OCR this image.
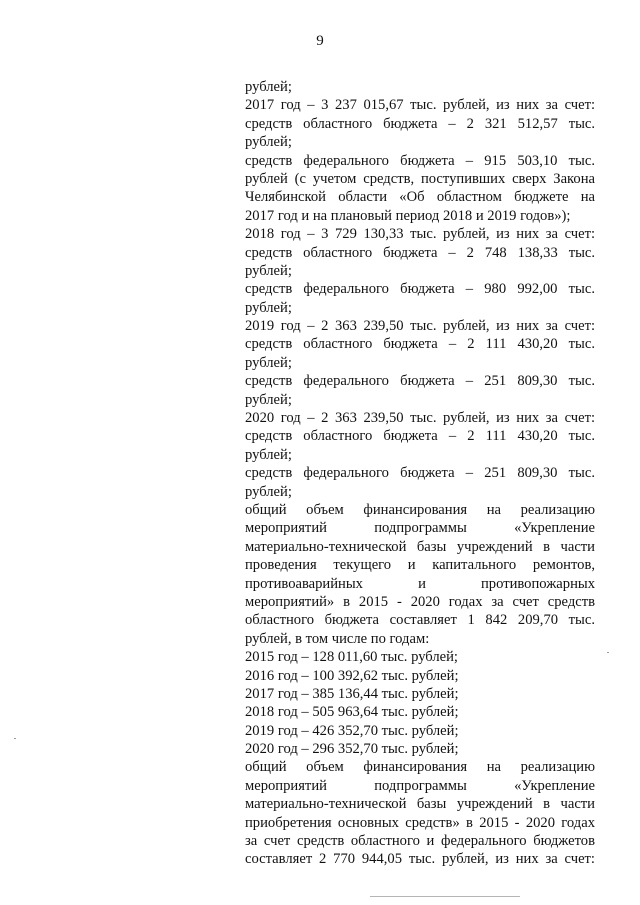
9
рублей;
2017 год – 3 237 015,67 тыс. рублей, из них за счет:
средств областного бюджета – 2 321 512,57 тыс.
рублей;
средств федерального бюджета – 915 503,10 тыс.
рублей (с учетом средств, поступивших сверх Закона
Челябинской области «Об областном бюджете на
2017 год и на плановый период 2018 и 2019 годов»);
2018 год – 3 729 130,33 тыс. рублей, из них за счет:
средств областного бюджета – 2 748 138,33 тыс.
рублей;
средств федерального бюджета – 980 992,00 тыс.
рублей;
2019 год – 2 363 239,50 тыс. рублей, из них за счет:
средств областного бюджета – 2 111 430,20 тыс.
рублей;
средств федерального бюджета – 251 809,30 тыс.
рублей;
2020 год – 2 363 239,50 тыс. рублей, из них за счет:
средств областного бюджета – 2 111 430,20 тыс.
рублей;
средств федерального бюджета – 251 809,30 тыс.
рублей;
общий объем финансирования на реализацию
мероприятий подпрограммы «Укрепление
материально-технической базы учреждений в части
проведения текущего и капитального ремонтов,
противоаварийных и противопожарных
мероприятий» в 2015 - 2020 годах за счет средств
областного бюджета составляет 1 842 209,70 тыс.
рублей, в том числе по годам:
2015 год – 128 011,60 тыс. рублей;
2016 год – 100 392,62 тыс. рублей;
2017 год – 385 136,44 тыс. рублей;
2018 год – 505 963,64 тыс. рублей;
2019 год – 426 352,70 тыс. рублей;
2020 год – 296 352,70 тыс. рублей;
общий объем финансирования на реализацию
мероприятий подпрограммы «Укрепление
материально-технической базы учреждений в части
приобретения основных средств» в 2015 - 2020 годах
за счет средств областного и федерального бюджетов
составляет 2 770 944,05 тыс. рублей, из них за счет:
